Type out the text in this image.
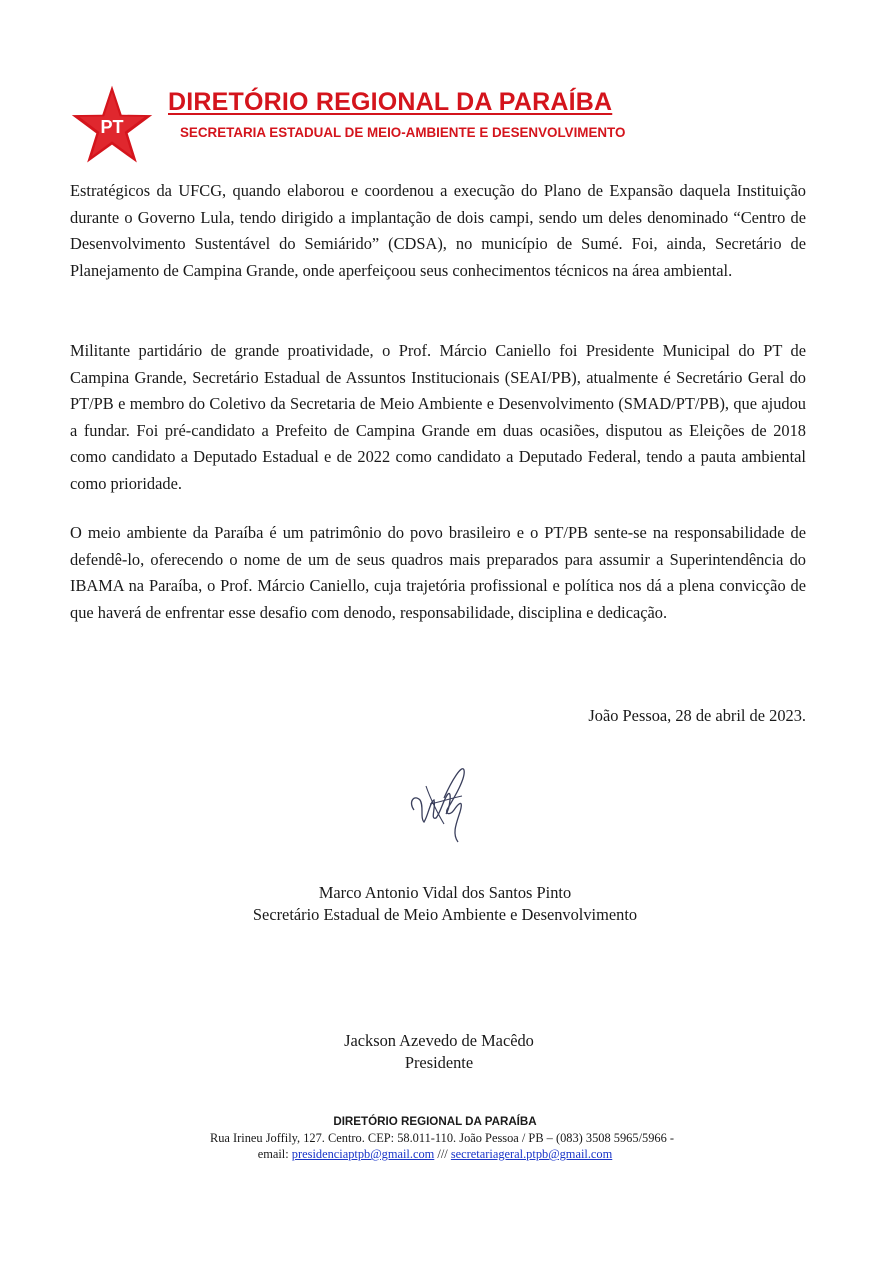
PT
DIRETÓRIO REGIONAL DA PARAÍBA
SECRETARIA ESTADUAL DE MEIO-AMBIENTE E DESENVOLVIMENTO

Estratégicos da UFCG, quando elaborou e coordenou a execução do Plano de Expansão daquela Instituição durante o Governo Lula, tendo dirigido a implantação de dois campi, sendo um deles denominado “Centro de Desenvolvimento Sustentável do Semiárido” (CDSA), no município de Sumé. Foi, ainda, Secretário de Planejamento de Campina Grande, onde aperfeiçoou seus conhecimentos técnicos na área ambiental.

Militante partidário de grande proatividade, o Prof. Márcio Caniello foi Presidente Municipal do PT de Campina Grande, Secretário Estadual de Assuntos Institucionais (SEAI/PB), atualmente é Secretário Geral do PT/PB e membro do Coletivo da Secretaria de Meio Ambiente e Desenvolvimento (SMAD/PT/PB), que ajudou a fundar. Foi pré-candidato a Prefeito de Campina Grande em duas ocasiões, disputou as Eleições de 2018 como candidato a Deputado Estadual e de 2022 como candidato a Deputado Federal, tendo a pauta ambiental como prioridade.

O meio ambiente da Paraíba é um patrimônio do povo brasileiro e o PT/PB sente-se na responsabilidade de defendê-lo, oferecendo o nome de um de seus quadros mais preparados para assumir a Superintendência do IBAMA na Paraíba, o Prof. Márcio Caniello, cuja trajetória profissional e política nos dá a plena convicção de que haverá de enfrentar esse desafio com denodo, responsabilidade, disciplina e dedicação.

João Pessoa, 28 de abril de 2023.
Marco Antonio Vidal dos Santos Pinto
Secretário Estadual de Meio Ambiente e Desenvolvimento
Jackson Azevedo de Macêdo
Presidente
DIRETÓRIO REGIONAL DA PARAÍBA
Rua Irineu Joffily, 127. Centro. CEP: 58.011-110. João Pessoa / PB – (083) 3508 5965/5966 -
email: presidenciaptpb@gmail.com /// secretariageral.ptpb@gmail.com
